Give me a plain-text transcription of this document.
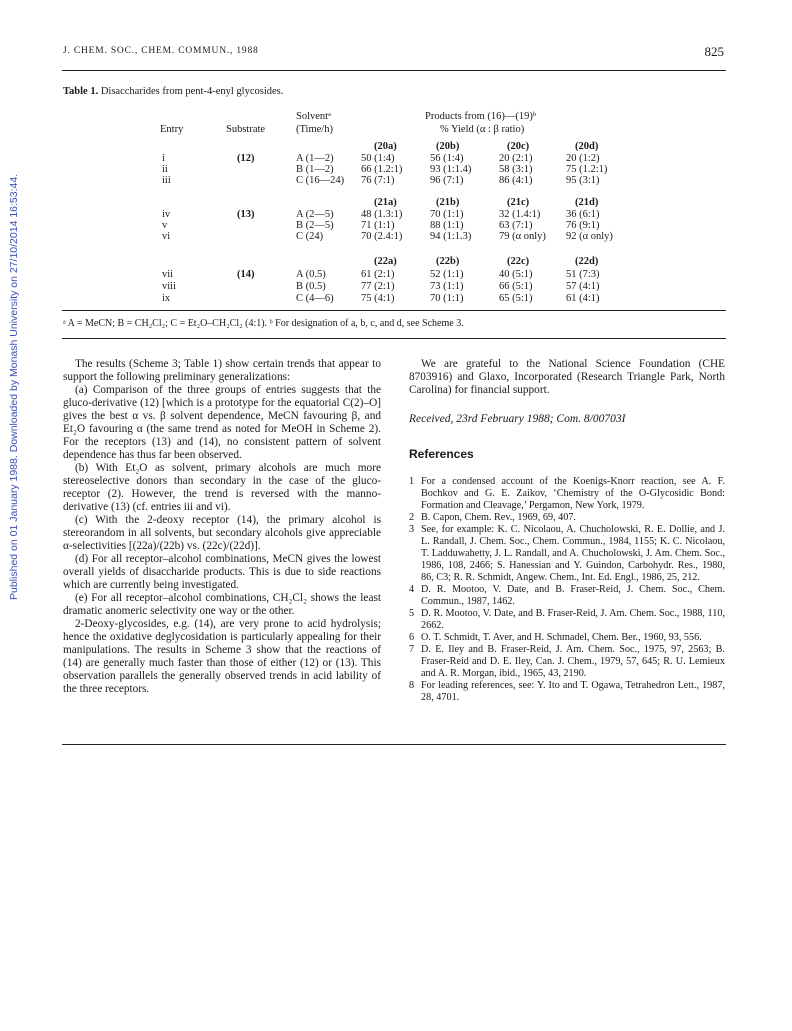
J. CHEM. SOC., CHEM. COMMUN., 1988	825
Published on 01 January 1988. Downloaded by Monash University on 27/10/2014 16:53:44.
Table 1. Disaccharides from pent-4-enyl glycosides.
Entry	Substrate
Solventᵃ
(Time/h)
Products from (16)—(19)ᵇ
% Yield (α : β ratio)
(20a)	(20b)	(20c)	(20d)
i	(12)	A (1—2)	50 (1:4)	56 (1:4)	20 (2:1)	20 (1:2)
ii	B (1—2)	66 (1.2:1)	93 (1:1.4)	58 (3:1)	75 (1.2:1)
iii	C (16—24) 76 (7:1)	96 (7:1)	86 (4:1)	95 (3:1)
(21a)	(21b)	(21c)	(21d)
iv	(13)	A (2—5)	48 (1.3:1)	70 (1:1)	32 (1.4:1) 36 (6:1)
v	B (2—5)	71 (1:1)	88 (1:1)	63 (7:1)	76 (9:1)
vi	C (24)	70 (2.4:1)	94 (1:1.3)	79 (α only) 92 (α only)
(22a)	(22b)	(22c)	(22d)
vii	(14)	A (0.5)	61 (2:1)	52 (1:1)	40 (5:1)	51 (7:3)
viii	B (0.5)	77 (2:1)	73 (1:1)	66 (5:1)	57 (4:1)
ix	C (4—6)	75 (4:1)	70 (1:1)	65 (5:1)	61 (4:1)
ᵃ A = MeCN; B = CH₂Cl₂; C = Et₂O–CH₂Cl₂ (4:1). ᵇ For designation of a, b, c, and d, see Scheme 3.

The results (Scheme 3; Table 1) show certain trends that appear to support the following preliminary generalizations:

(a) Comparison of the three groups of entries suggests that the gluco-derivative (12) [which is a prototype for the equatorial C(2)–O] gives the best α vs. β solvent dependence, MeCN favouring β, and Et₂O favouring α (the same trend as noted for MeOH in Scheme 2). For the receptors (13) and (14), no consistent pattern of solvent dependence has thus far been observed.

(b) With Et₂O as solvent, primary alcohols are much more stereoselective donors than secondary in the case of the gluco-receptor (2). However, the trend is reversed with the manno-derivative (13) (cf. entries iii and vi).

(c) With the 2-deoxy receptor (14), the primary alcohol is stereorandom in all solvents, but secondary alcohols give appreciable α-selectivities [(22a)/(22b) vs. (22c)/(22d)].

(d) For all receptor–alcohol combinations, MeCN gives the lowest overall yields of disaccharide products. This is due to side reactions which are currently being investigated.

(e) For all receptor–alcohol combinations, CH₂Cl₂ shows the least dramatic anomeric selectivity one way or the other.

2-Deoxy-glycosides, e.g. (14), are very prone to acid hydrolysis; hence the oxidative deglycosidation is particularly appealing for their manipulations. The results in Scheme 3 show that the reactions of (14) are generally much faster than those of either (12) or (13). This observation parallels the generally observed trends in acid lability of the three receptors.

We are grateful to the National Science Foundation (CHE 8703916) and Glaxo, Incorporated (Research Triangle Park, North Carolina) for financial support.

Received, 23rd February 1988; Com. 8/00703I

References

1 For a condensed account of the Koenigs-Knorr reaction, see A. F. Bochkov and G. E. Zaikov, ‘Chemistry of the O-Glycosidic Bond: Formation and Cleavage,’ Pergamon, New York, 1979.
2 B. Capon, Chem. Rev., 1969, 69, 407.
3 See, for example: K. C. Nicolaou, A. Chucholowski, R. E. Dollie, and J. L. Randall, J. Chem. Soc., Chem. Commun., 1984, 1155; K. C. Nicolaou, T. Ladduwahetty, J. L. Randall, and A. Chucholowski, J. Am. Chem. Soc., 1986, 108, 2466; S. Hanessian and Y. Guindon, Carbohydr. Res., 1980, 86, C3; R. R. Schmidt, Angew. Chem., Int. Ed. Engl., 1986, 25, 212.
4 D. R. Mootoo, V. Date, and B. Fraser-Reid, J. Chem. Soc., Chem. Commun., 1987, 1462.
5 D. R. Mootoo, V. Date, and B. Fraser-Reid, J. Am. Chem. Soc., 1988, 110, 2662.
6 O. T. Schmidt, T. Aver, and H. Schmadel, Chem. Ber., 1960, 93, 556.
7 D. E. Iley and B. Fraser-Reid, J. Am. Chem. Soc., 1975, 97, 2563; B. Fraser-Reid and D. E. Iley, Can. J. Chem., 1979, 57, 645; R. U. Lemieux and A. R. Morgan, ibid., 1965, 43, 2190.
8 For leading references, see: Y. Ito and T. Ogawa, Tetrahedron Lett., 1987, 28, 4701.
